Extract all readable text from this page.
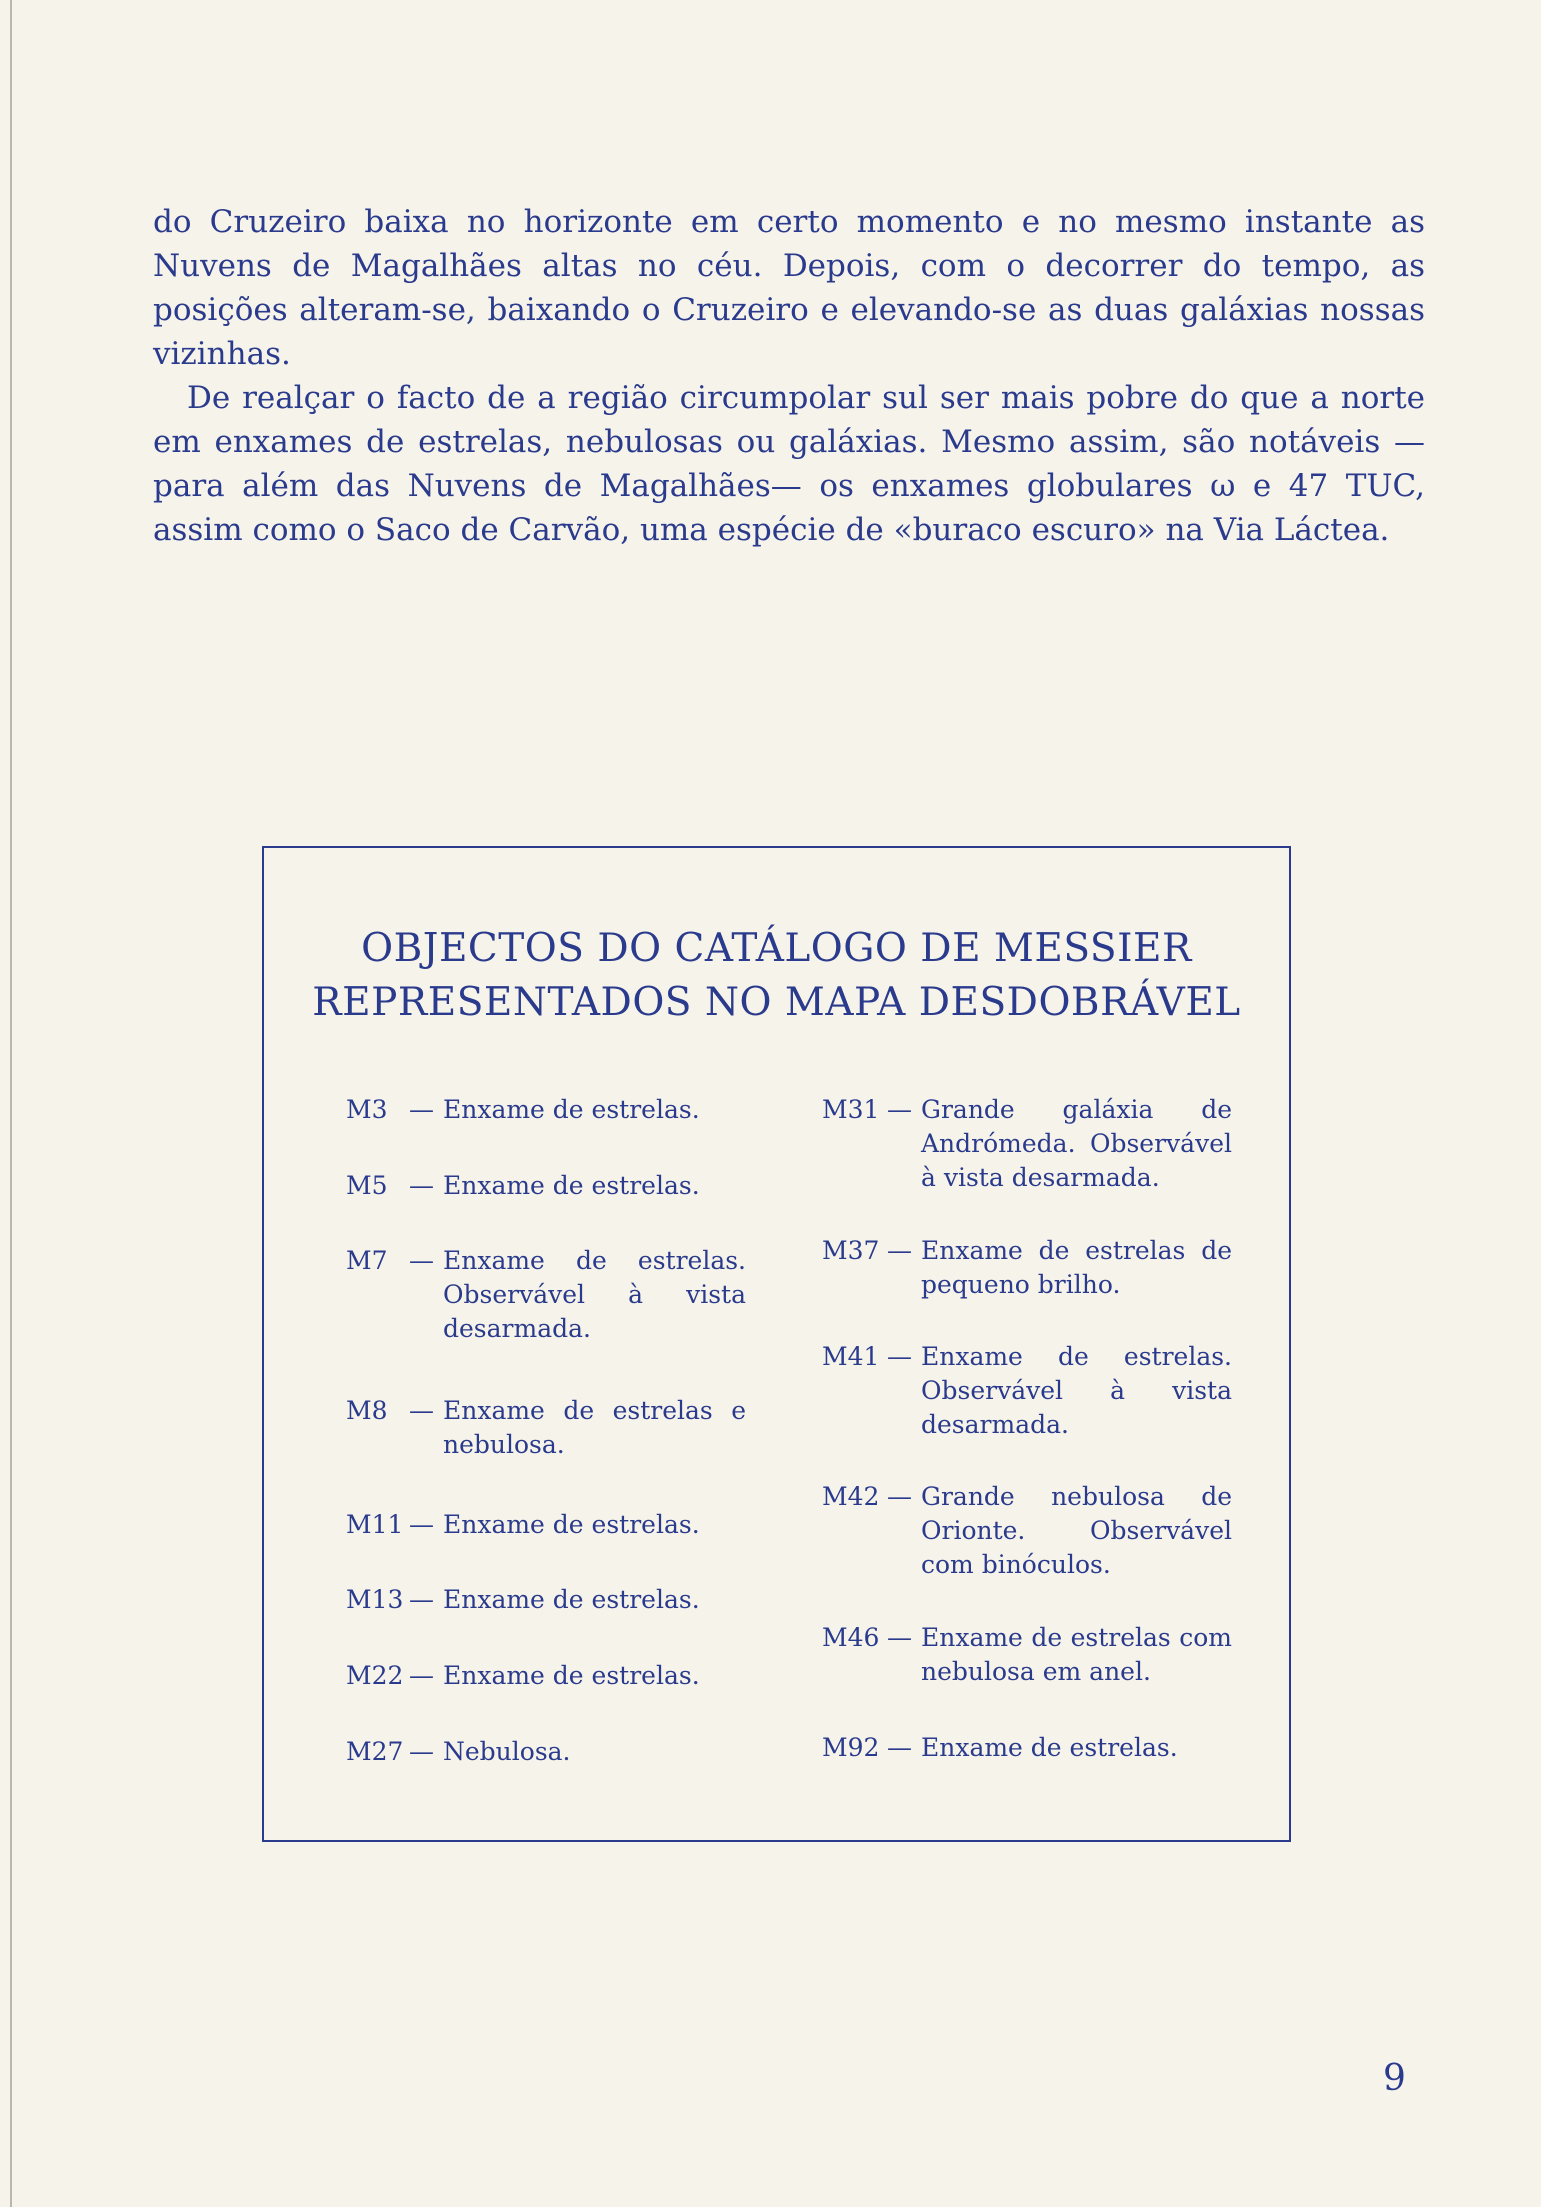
do Cruzeiro baixa no horizonte em certo momento e no mesmo instante as Nuvens de Magalhães altas no céu. Depois, com o decorrer do tempo, as posições alteram-se, baixando o Cruzeiro e elevando-se as duas galáxias nossas vizinhas.

De realçar o facto de a região circumpolar sul ser mais pobre do que a norte em enxames de estrelas, nebulosas ou galáxias. Mesmo assim, são notáveis —para além das Nuvens de Magalhães— os enxames globulares ω e 47 TUC, assim como o Saco de Carvão, uma espécie de «buraco escuro» na Via Láctea.

OBJECTOS DO CATÁLOGO DE MESSIER
REPRESENTADOS NO MAPA DESDOBRÁVEL
M3 — Enxame de estrelas.
M5 — Enxame de estrelas.
M7 — Enxame de estrelas. Observável à vista desarmada.
M8 — Enxame de estrelas e nebulosa.
M11 — Enxame de estrelas.
M13 — Enxame de estrelas.
M22 — Enxame de estrelas.
M27 — Nebulosa.
M31 — Grande galáxia de Andrómeda. Observável à vista desarmada.
M37 — Enxame de estrelas de pequeno brilho.
M41 — Enxame de estrelas. Observável à vista desarmada.
M42 — Grande nebulosa de Orionte. Observável com binóculos.
M46 — Enxame de estrelas com nebulosa em anel.
M92 — Enxame de estrelas.
9
